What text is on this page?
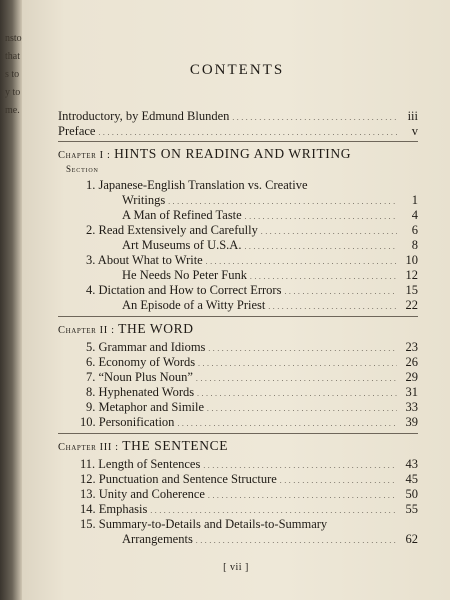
nsto
that
s to
y to
me.
CONTENTS
Introductory, by Edmund Blunden . . .	iii
Preface . . .	v
Chapter I : HINTS ON READING AND WRITING
Section
1. Japanese-English Translation vs. Creative
Writings . . .	1
A Man of Refined Taste . . .	4
2. Read Extensively and Carefully . . .	6
Art Museums of U.S.A. . . .	8
3. About What to Write . . .	10
He Needs No Peter Funk . . .	12
4. Dictation and How to Correct Errors . . .	15
An Episode of a Witty Priest . . .	22
Chapter II : THE WORD
5. Grammar and Idioms . . .	23
6. Economy of Words . . .	26
7. “Noun Plus Noun” . . .	29
8. Hyphenated Words . . .	31
9. Metaphor and Simile . . .	33
10. Personification . . .	39
Chapter III : THE SENTENCE
11. Length of Sentences . . .	43
12. Punctuation and Sentence Structure . . .	45
13. Unity and Coherence . . .	50
14. Emphasis . . .	55
15. Summary-to-Details and Details-to-Summary
Arrangements . . .	62
[ vii ]
